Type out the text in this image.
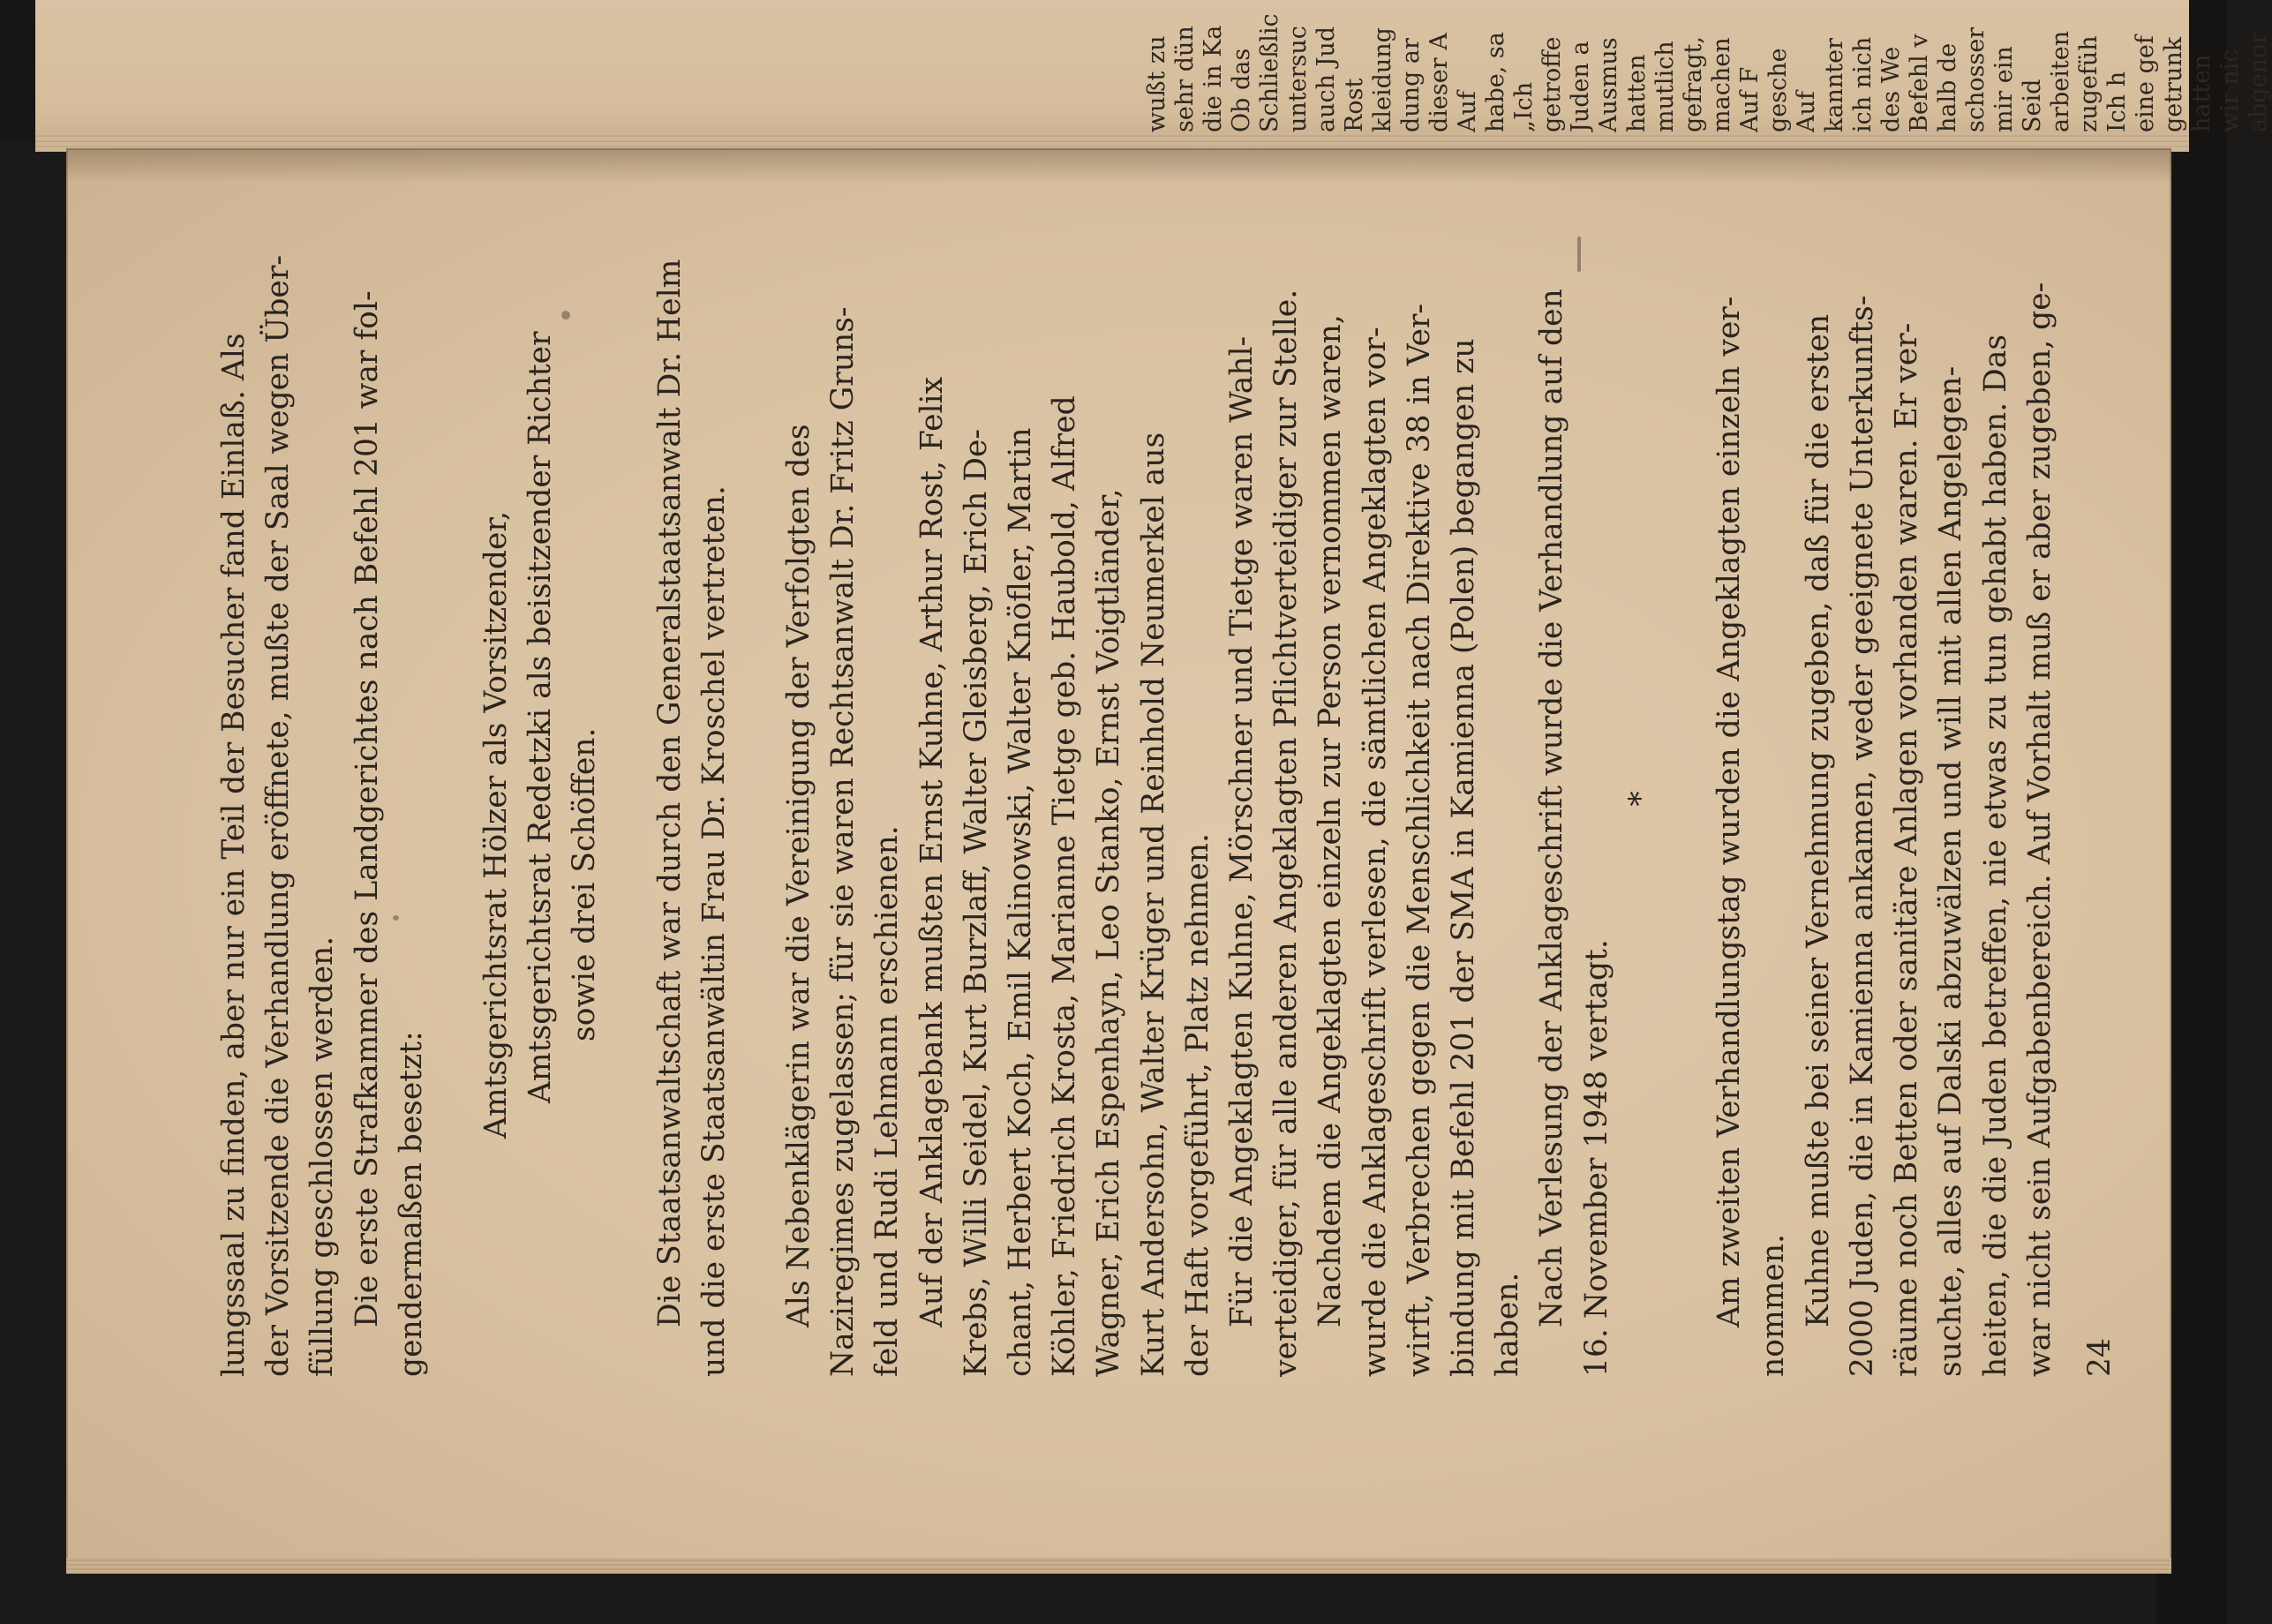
wußt zu sehr dün die in Ka Ob das Schließlic untersuc auch Jud Rost kleidung dung ar dieser A Auf habe, sa „Ich getroffe Juden a Ausmus hatten mutlich gefragt, machen Auf F gesche Auf kannter ich nich des We Befehl v halb de schosser mir ein Seid arbeiten zugefüh Ich h eine gef getrunk hatten wir nic abgenor

lungssaal zu finden, aber nur ein Teil der Besucher fand Einlaß. Als der Vorsitzende die Verhandlung eröffnete, mußte der Saal wegen Über- füllung geschlossen werden. Die erste Strafkammer des Landgerichtes nach Befehl 201 war fol- gendermaßen besetzt:

Amtsgerichtsrat Hölzer als Vorsitzender, Amtsgerichtsrat Redetzki als beisitzender Richter sowie drei Schöffen. Die Staatsanwaltschaft war durch den Generalstaatsanwalt Dr. Helm und die erste Staatsanwältin Frau Dr. Kroschel vertreten. Als Nebenklägerin war die Vereinigung der Verfolgten des Naziregimes zugelassen; für sie waren Rechtsanwalt Dr. Fritz Gruns- feld und Rudi Lehmann erschienen. Auf der Anklagebank mußten Ernst Kuhne, Arthur Rost, Felix Krebs, Willi Seidel, Kurt Burzlaff, Walter Gleisberg, Erich De- chant, Herbert Koch, Emil Kalinowski, Walter Knöfler, Martin Köhler, Friedrich Krosta, Marianne Tietge geb. Haubold, Alfred Wagner, Erich Espenhayn, Leo Stanko, Ernst Voigtländer, Kurt Andersohn, Walter Krüger und Reinhold Neumerkel aus der Haft vorgeführt, Platz nehmen. Für die Angeklagten Kuhne, Mörschner und Tietge waren Wahl- verteidiger, für alle anderen Angeklagten Pflichtverteidiger zur Stelle. Nachdem die Angeklagten einzeln zur Person vernommen waren, wurde die Anklageschrift verlesen, die sämtlichen Angeklagten vor- wirft, Verbrechen gegen die Menschlichkeit nach Direktive 38 in Ver- bindung mit Befehl 201 der SMA in Kamienna (Polen) begangen zu haben. Nach Verlesung der Anklageschrift wurde die Verhandlung auf den 16. November 1948 vertagt.

* Am zweiten Verhandlungstag wurden die Angeklagten einzeln ver- nommen. Kuhne mußte bei seiner Vernehmung zugeben, daß für die ersten 2000 Juden, die in Kamienna ankamen, weder geeignete Unterkunfts- räume noch Betten oder sanitäre Anlagen vorhanden waren. Er ver- suchte, alles auf Dalski abzuwälzen und will mit allen Angelegen- heiten, die die Juden betreffen, nie etwas zu tun gehabt haben. Das war nicht sein Aufgabenbereich. Auf Vorhalt muß er aber zugeben, ge- 24
